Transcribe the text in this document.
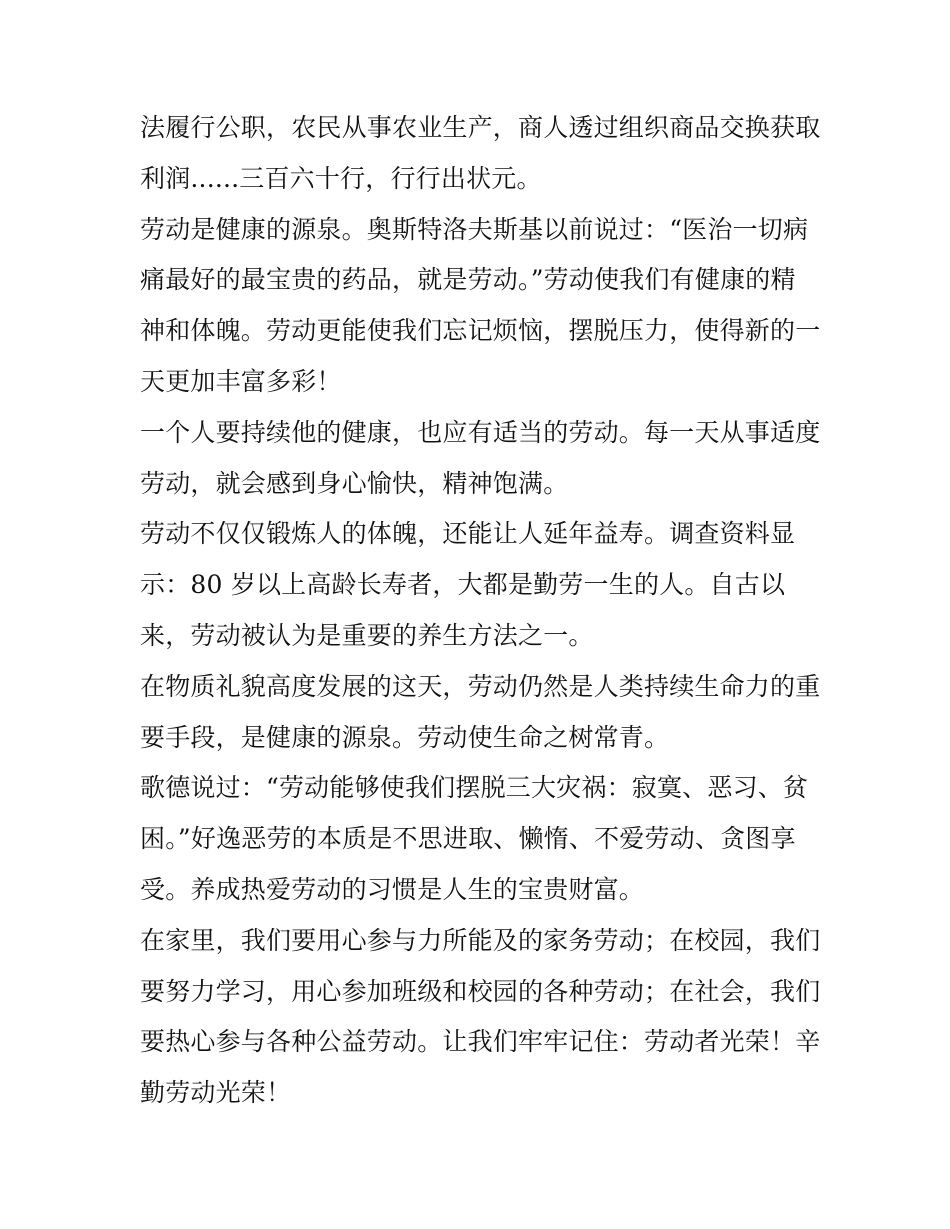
法履行公职，农民从事农业生产，商人透过组织商品交换获取
利润......三百六十行，行行出状元。

劳动是健康的源泉。奥斯特洛夫斯基以前说过：“医治一切病
痛最好的最宝贵的药品，就是劳动。”劳动使我们有健康的精
神和体魄。劳动更能使我们忘记烦恼，摆脱压力，使得新的一
天更加丰富多彩！

一个人要持续他的健康，也应有适当的劳动。每一天从事适度
劳动，就会感到身心愉快，精神饱满。

劳动不仅仅锻炼人的体魄，还能让人延年益寿。调查资料显
示：80 岁以上高龄长寿者，大都是勤劳一生的人。自古以
来，劳动被认为是重要的养生方法之一。

在物质礼貌高度发展的这天，劳动仍然是人类持续生命力的重
要手段，是健康的源泉。劳动使生命之树常青。

歌德说过：“劳动能够使我们摆脱三大灾祸：寂寞、恶习、贫
困。”好逸恶劳的本质是不思进取、懒惰、不爱劳动、贪图享
受。养成热爱劳动的习惯是人生的宝贵财富。

在家里，我们要用心参与力所能及的家务劳动；在校园，我们
要努力学习，用心参加班级和校园的各种劳动；在社会，我们
要热心参与各种公益劳动。让我们牢牢记住：劳动者光荣！辛
勤劳动光荣！
